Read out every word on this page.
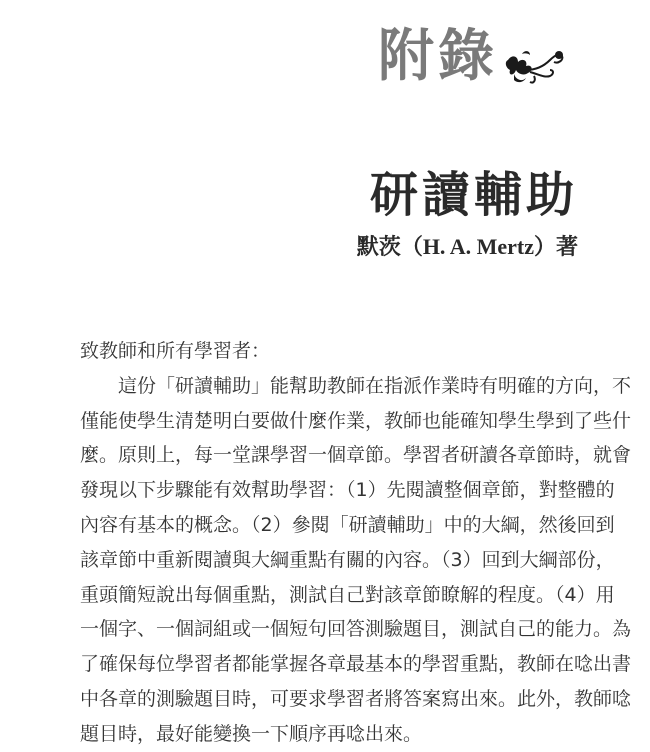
附錄
研讀輔助
默茨（H. A. Mertz）著
致教師和所有學習者：
這份「研讀輔助」能幫助教師在指派作業時有明確的方向，不
僅能使學生清楚明白要做什麼作業，教師也能確知學生學到了些什
麼。原則上，每一堂課學習一個章節。學習者研讀各章節時，就會
發現以下步驟能有效幫助學習：（1）先閱讀整個章節，對整體的
內容有基本的概念。（2）參閱「研讀輔助」中的大綱，然後回到
該章節中重新閱讀與大綱重點有關的內容。（3）回到大綱部份，
重頭簡短說出每個重點，測試自己對該章節瞭解的程度。（4）用
一個字、一個詞組或一個短句回答測驗題目，測試自己的能力。為
了確保每位學習者都能掌握各章最基本的學習重點，教師在唸出書
中各章的測驗題目時，可要求學習者將答案寫出來。此外，教師唸
題目時，最好能變換一下順序再唸出來。
